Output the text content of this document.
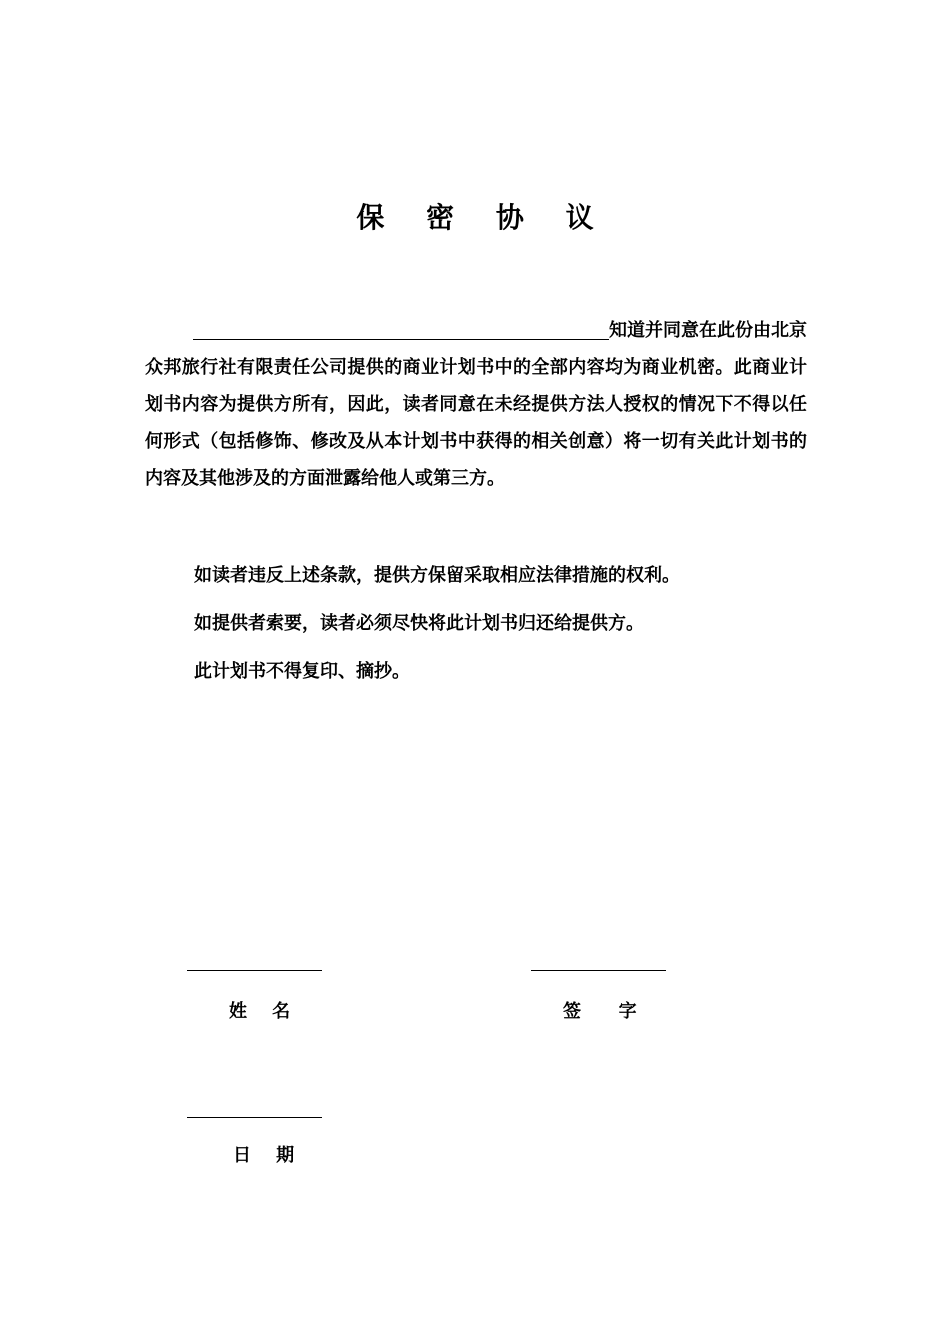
保 密 协 议
知道并同意在此份由北京众邦旅行社有限责任公司提供的商业计划书中的全部内容均为商业机密。此商业计划书内容为提供方所有，因此，读者同意在未经提供方法人授权的情况下不得以任何形式（包括修饰、修改及从本计划书中获得的相关创意）将一切有关此计划书的内容及其他涉及的方面泄露给他人或第三方。
如读者违反上述条款，提供方保留采取相应法律措施的权利。
如提供者索要，读者必须尽快将此计划书归还给提供方。
此计划书不得复印、摘抄。
姓    名	签      字
日    期
